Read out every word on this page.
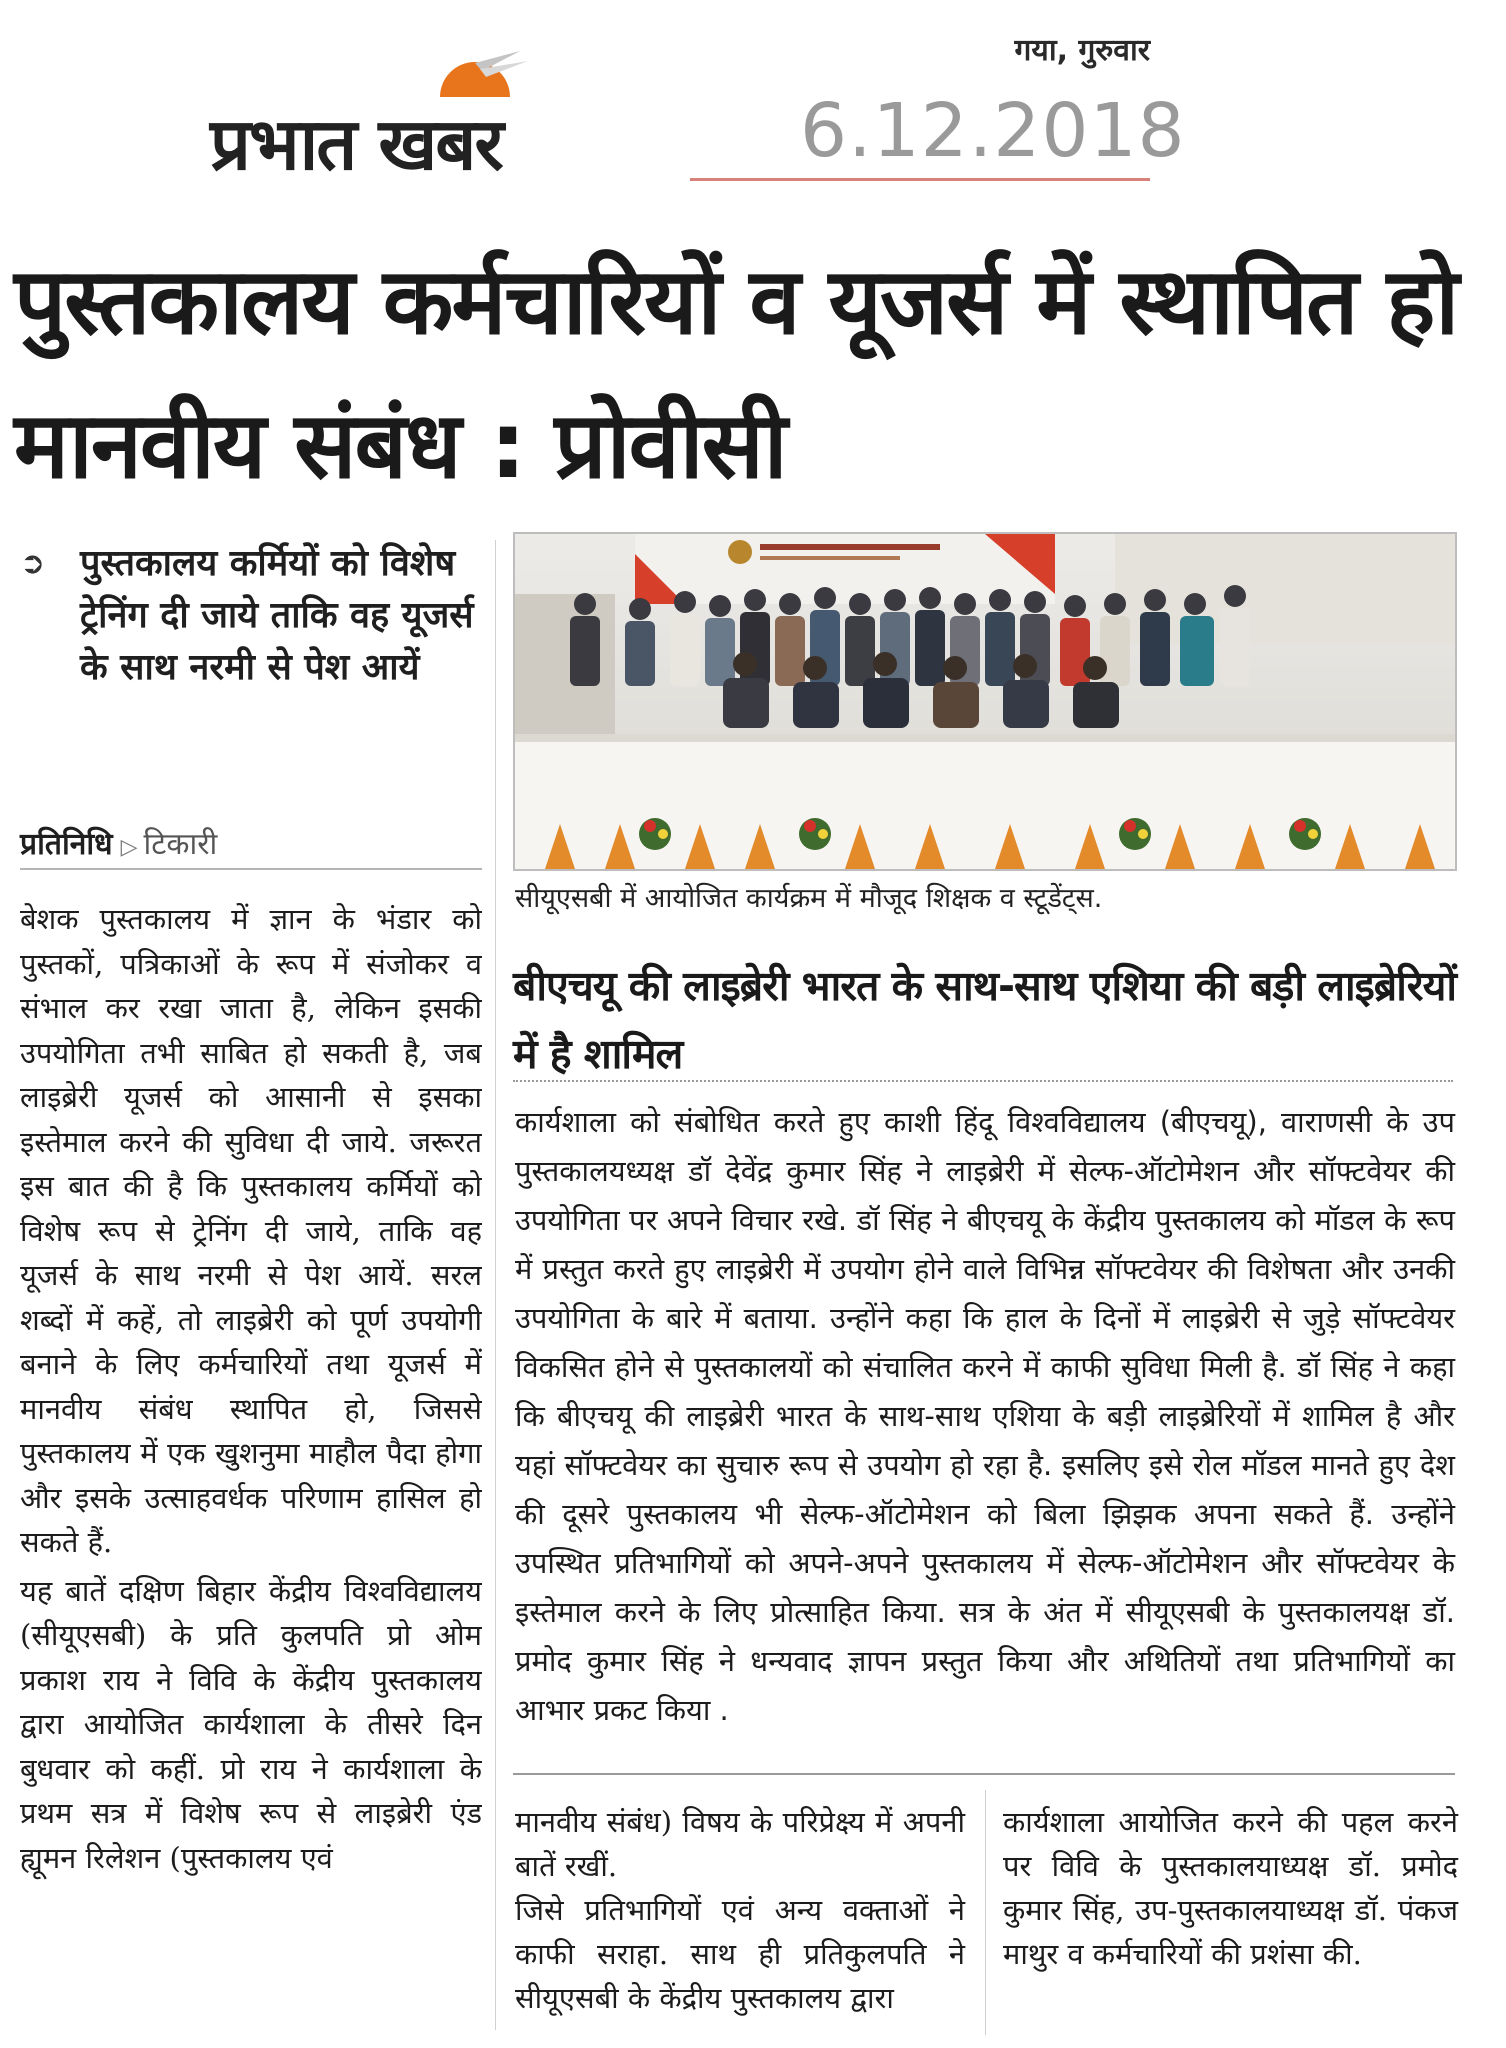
प्रभात खबर
गया, गुरुवार
6.12.2018
पुस्तकालय कर्मचारियों व यूजर्स में स्थापित हो मानवीय संबंध : प्रोवीसी
➲ पुस्तकालय कर्मियों को विशेष ट्रेनिंग दी जाये ताकि वह यूजर्स के साथ नरमी से पेश आयें
प्रतिनिधि ▷ टिकारी

बेशक पुस्तकालय में ज्ञान के भंडार को पुस्तकों, पत्रिकाओं के रूप में संजोकर व संभाल कर रखा जाता है, लेकिन इसकी उपयोगिता तभी साबित हो सकती है, जब लाइब्रेरी यूजर्स को आसानी से इसका इस्तेमाल करने की सुविधा दी जाये. जरूरत इस बात की है कि पुस्तकालय कर्मियों को विशेष रूप से ट्रेनिंग दी जाये, ताकि वह यूजर्स के साथ नरमी से पेश आयें. सरल शब्दों में कहें, तो लाइब्रेरी को पूर्ण उपयोगी बनाने के लिए कर्मचारियों तथा यूजर्स में मानवीय संबंध स्थापित हो, जिससे पुस्तकालय में एक खुशनुमा माहौल पैदा होगा और इसके उत्साहवर्धक परिणाम हासिल हो सकते हैं.

यह बातें दक्षिण बिहार केंद्रीय विश्वविद्यालय (सीयूएसबी) के प्रति कुलपति प्रो ओम प्रकाश राय ने विवि के केंद्रीय पुस्तकालय द्वारा आयोजित कार्यशाला के तीसरे दिन बुधवार को कहीं. प्रो राय ने कार्यशाला के प्रथम सत्र में विशेष रूप से लाइब्रेरी एंड ह्यूमन रिलेशन (पुस्तकालय एवं

सीयूएसबी में आयोजित कार्यक्रम में मौजूद शिक्षक व स्टूडेंट्स.
बीएचयू की लाइब्रेरी भारत के साथ-साथ एशिया की बड़ी लाइब्रेरियों में है शामिल
कार्यशाला को संबोधित करते हुए काशी हिंदू विश्वविद्यालय (बीएचयू), वाराणसी के उप पुस्तकालयध्यक्ष डॉ देवेंद्र कुमार सिंह ने लाइब्रेरी में सेल्फ-ऑटोमेशन और सॉफ्टवेयर की उपयोगिता पर अपने विचार रखे. डॉ सिंह ने बीएचयू के केंद्रीय पुस्तकालय को मॉडल के रूप में प्रस्तुत करते हुए लाइब्रेरी में उपयोग होने वाले विभिन्न सॉफ्टवेयर की विशेषता और उनकी उपयोगिता के बारे में बताया. उन्होंने कहा कि हाल के दिनों में लाइब्रेरी से जुड़े सॉफ्टवेयर विकसित होने से पुस्तकालयों को संचालित करने में काफी सुविधा मिली है. डॉ सिंह ने कहा कि बीएचयू की लाइब्रेरी भारत के साथ-साथ एशिया के बड़ी लाइब्रेरियों में शामिल है और यहां सॉफ्टवेयर का सुचारु रूप से उपयोग हो रहा है. इसलिए इसे रोल मॉडल मानते हुए देश की दूसरे पुस्तकालय भी सेल्फ-ऑटोमेशन को बिला झिझक अपना सकते हैं. उन्होंने उपस्थित प्रतिभागियों को अपने-अपने पुस्तकालय में सेल्फ-ऑटोमेशन और सॉफ्टवेयर के इस्तेमाल करने के लिए प्रोत्साहित किया. सत्र के अंत में सीयूएसबी के पुस्तकालयक्ष डॉ. प्रमोद कुमार सिंह ने धन्यवाद ज्ञापन प्रस्तुत किया और अथितियों तथा प्रतिभागियों का आभार प्रकट किया .

मानवीय संबंध) विषय के परिप्रेक्ष्य में अपनी बातें रखीं.

जिसे प्रतिभागियों एवं अन्य वक्ताओं ने काफी सराहा. साथ ही प्रतिकुलपति ने सीयूएसबी के केंद्रीय पुस्तकालय द्वारा

कार्यशाला आयोजित करने की पहल करने पर विवि के पुस्तकालयाध्यक्ष डॉ. प्रमोद कुमार सिंह, उप-पुस्तकालयाध्यक्ष डॉ. पंकज माथुर व कर्मचारियों की प्रशंसा की.
